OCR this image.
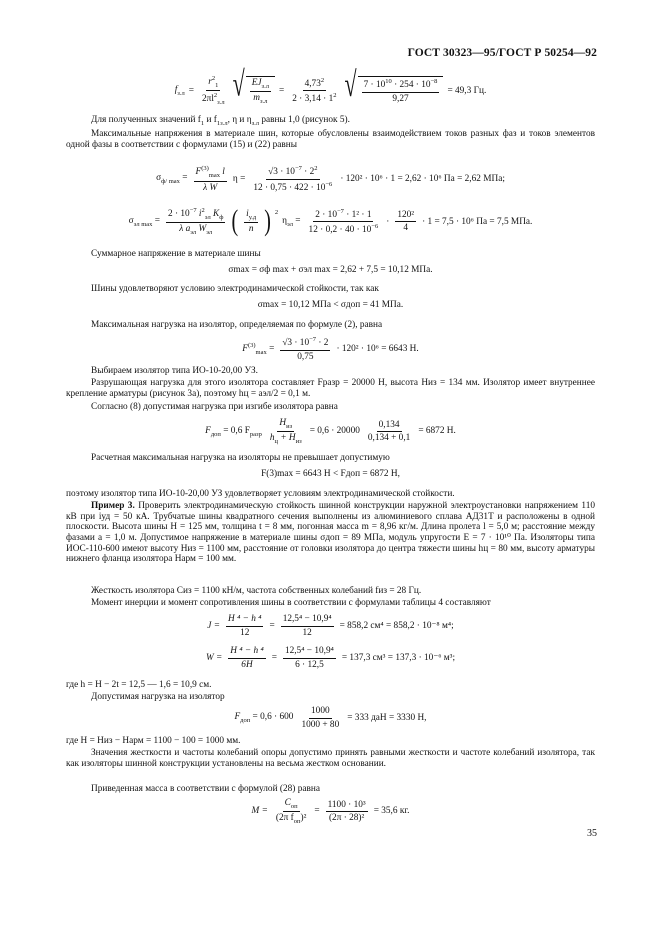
ГОСТ 30323—95/ГОСТ Р 50254—92
$f_{з.л} = \frac{r^2_1}{2\pi l^2_{з.л}}$ √ $\frac{EJ_{з.л}}{m_{з.л}} = \frac{4,73^2}{2 \cdot 3,14 \cdot 1^2}$ √ $\frac{7 \cdot 10^{10} \cdot 254 \cdot 10^{-8}}{9,27} = 49,3$ Гц.
Для полученных значений $f_1$ и $f_{1з.л}$, η и $\eta_{з.л}$ равны 1,0 (рисунок 5).
Максимальные напряжения в материале шин, которые обусловлены взаимодействием токов разных фаз и токов элементов одной фазы в соответствии с формулами (15) и (22) равны
$\sigma_{ф/ max} = \frac{F^{(3)}_{max} l}{\text{λ W}}$ $\eta = \frac{√3 \cdot 10^{-7} \cdot 2^2}{12 \cdot 0,75 \cdot 422 \cdot 10^{-6}} \cdot 120^2 \cdot 10^6 \cdot 1 = 2,62 \cdot 10^6$ Па = 2,62 МПа;
$\sigma_{эл max} = \frac{2 \cdot 10^{-7} i^2_{эл} K_ф}{\lambda a_{эл} W_{эл}}$ ( $\frac{i_{у.д}}{n}$ ) $^2$
$\eta_{эл} = \frac{2 \cdot 10^{-7} \cdot 1^2 \cdot 1}{12 \cdot 0,2 \cdot 40 \cdot 10^{-6}} \cdot \frac{\text{120²}}{4} \cdot 1 = 7,5 \cdot 10^6$ Па = 7,5 МПа.
Суммарное напряжение в материале шины
σmax = σф max + σэл max = 2,62 + 7,5 = 10,12 МПа.
Шины удовлетворяют условию электродинамической стойкости, так как
σmax = 10,12 МПа < σдоп = 41 МПа.
Максимальная нагрузка на изолятор, определяемая по формуле (2), равна
$F^{(3)}_{max} = \frac{√3 \cdot 10^{-7} \cdot 2}{0,75} \cdot 120^2 \cdot 10^6 = 6643$ Н.
Выбираем изолятор типа ИО-10-20,00 УЗ.
Разрушающая нагрузка для этого изолятора составляет Fразр = 20000 Н, высота Hиз = 134 мм. Изолятор имеет внутреннее крепление арматуры (рисунок 3а), поэтому hц = aэл/2 = 0,1 м.
Согласно (8) допустимая нагрузка при изгибе изолятора равна
$F_{доп} = 0,6$ $F_{разр} \frac{H_{из}}{h_ц + H_{из}} = 0,6 \cdot 20000 \frac{0,134}{0,134 + 0,1} = 6872$ Н.
Расчетная максимальная нагрузка на изоляторы не превышает допустимую
F(3)max = 6643 Н < Fдоп = 6872 Н,
поэтому изолятор типа ИО-10-20,00 УЗ удовлетворяет условиям электродинамической стойкости.
Пример 3. Проверить электродинамическую стойкость шинной конструкции наружной электроустановки напряжением 110 кВ при iуд = 50 кА. Трубчатые шины квадратного сечения выполнены из алюминиевого сплава АД31Т и расположены в одной плоскости. Высота шины H = 125 мм, толщина t = 8 мм, погонная масса m = 8,96 кг/м. Длина пролета l = 5,0 м; расстояние между фазами a = 1,0 м. Допустимое напряжение в материале шины σдоп = 89 МПа, модуль упругости E = 7 · 10¹⁰ Па. Изоляторы типа ИОС-110-600 имеют высоту Hиз = 1100 мм, расстояние от головки изолятора до центра тяжести шины hц = 80 мм, высоту арматуры нижнего фланца изолятора Hарм = 100 мм.
Жесткость изолятора Cиз = 1100 кН/м, частота собственных колебаний fиз = 28 Гц.
Момент инерции и момент сопротивления шины в соответствии с формулами таблицы 4 составляют
$J = \frac{\text{H ⁴ − h ⁴}}{12} = \frac{\text{12,5⁴ − 10,9⁴}}{12} = 858,2$ см⁴ = 858,2 · 10⁻⁸ м⁴;
$W = \frac{\text{H ⁴ − h ⁴}}{6H} = \frac{\text{12,5⁴ − 10,9⁴}}{6 \cdot 12,5} = 137,3$ см³ = 137,3 · 10⁻⁶ м³;
где h = H − 2t = 12,5 — 1,6 = 10,9 см.
Допустимая нагрузка на изолятор
$F_{доп} = 0,6 \cdot 600 \frac{1000}{1000 + 80} = 333$ даН = 3330 Н,
где H = Hиз − Hарм = 1100 − 100 = 1000 мм.
Значения жесткости и частоты колебаний опоры допустимо принять равными жесткости и частоте колебаний изолятора, так как изоляторы шинной конструкции установлены на весьма жестком основании.
Приведенная масса в соответствии с формулой (28) равна
$M = \frac{C_{оп}}{(2\pi f_{оп})^2} = \frac{\text{1100 · 10³}}{\text{(2π · 28)²}} = 35,6$ кг.
35
